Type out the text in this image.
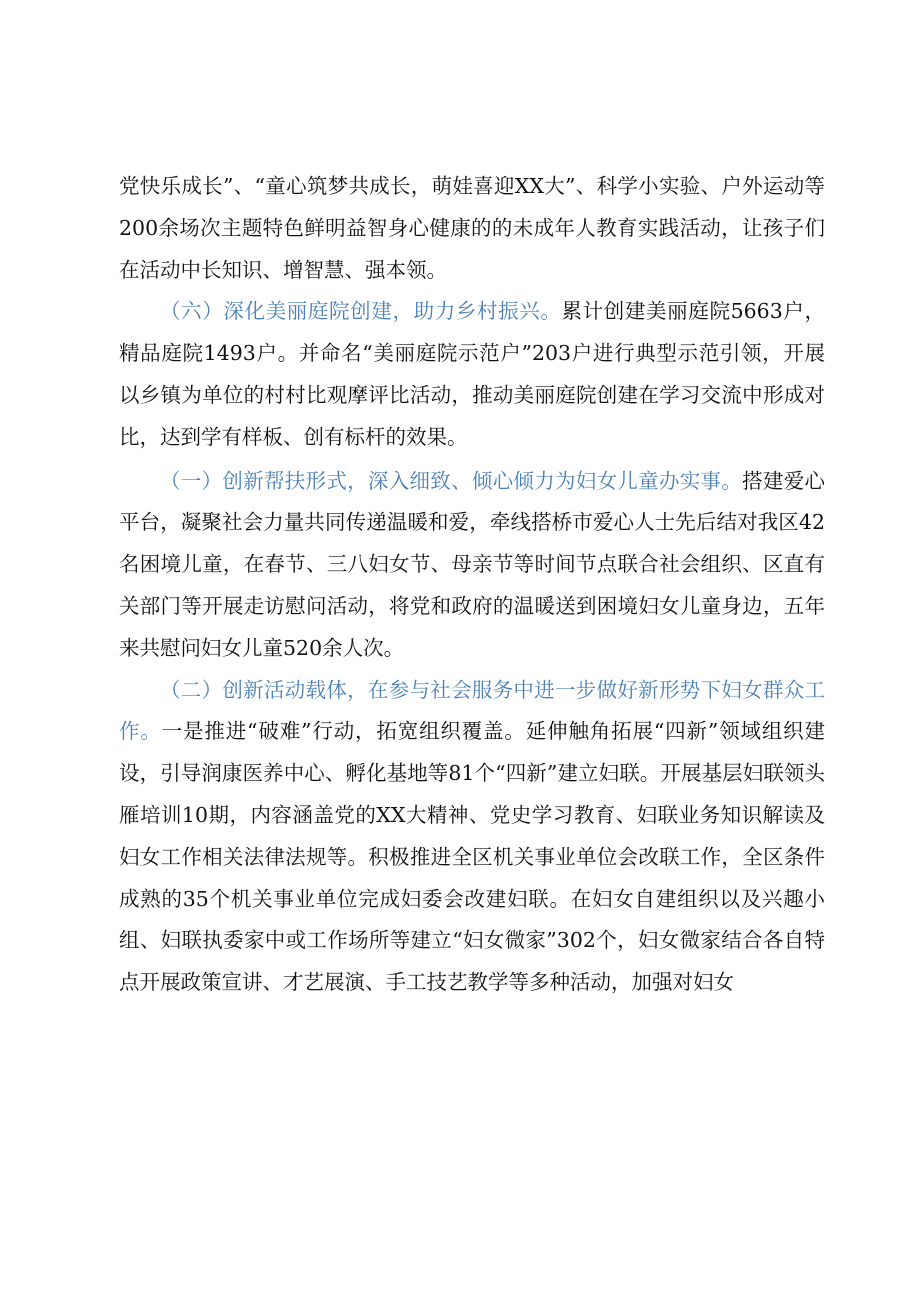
党快乐成长”、“童心筑梦共成长，萌娃喜迎XX大”、科学小实验、户外运动等200余场次主题特色鲜明益智身心健康的的未成年人教育实践活动，让孩子们在活动中长知识、增智慧、强本领。

（六）深化美丽庭院创建，助力乡村振兴。累计创建美丽庭院5663户，精品庭院1493户。并命名“美丽庭院示范户”203户进行典型示范引领，开展以乡镇为单位的村村比观摩评比活动，推动美丽庭院创建在学习交流中形成对比，达到学有样板、创有标杆的效果。

（一）创新帮扶形式，深入细致、倾心倾力为妇女儿童办实事。搭建爱心平台，凝聚社会力量共同传递温暖和爱，牵线搭桥市爱心人士先后结对我区42名困境儿童，在春节、三八妇女节、母亲节等时间节点联合社会组织、区直有关部门等开展走访慰问活动，将党和政府的温暖送到困境妇女儿童身边，五年来共慰问妇女儿童520余人次。

（二）创新活动载体，在参与社会服务中进一步做好新形势下妇女群众工作。一是推进“破难”行动，拓宽组织覆盖。延伸触角拓展“四新”领域组织建设，引导润康医养中心、孵化基地等81个“四新”建立妇联。开展基层妇联领头雁培训10期，内容涵盖党的XX大精神、党史学习教育、妇联业务知识解读及妇女工作相关法律法规等。积极推进全区机关事业单位会改联工作，全区条件成熟的35个机关事业单位完成妇委会改建妇联。在妇女自建组织以及兴趣小组、妇联执委家中或工作场所等建立“妇女微家”302个，妇女微家结合各自特点开展政策宣讲、才艺展演、手工技艺教学等多种活动，加强对妇女
